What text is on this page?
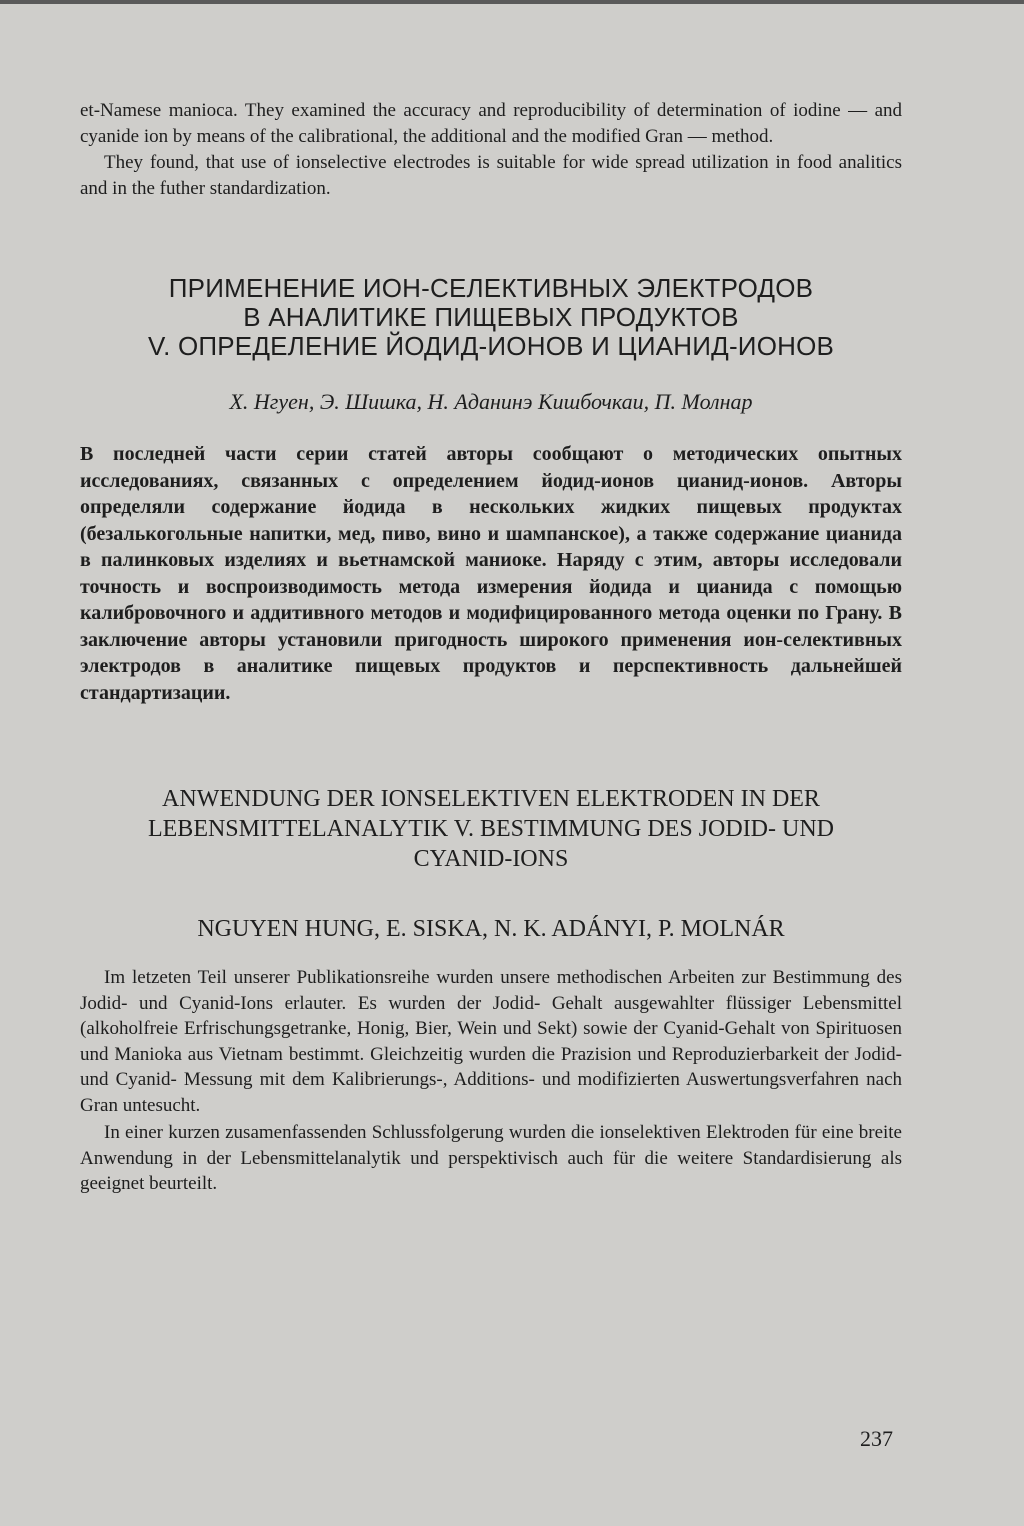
et-Namese manioca. They examined the accuracy and reproducibility of determination of iodine — and cyanide ion by means of the calibrational, the additional and the modified Gran — method.

They found, that use of ionselective electrodes is suitable for wide spread utilization in food analitics and in the futher standardization.

ПРИМЕНЕНИЕ ИОН-СЕЛЕКТИВНЫХ ЭЛЕКТРОДОВ
В АНАЛИТИКЕ ПИЩЕВЫХ ПРОДУКТОВ
V. ОПРЕДЕЛЕНИЕ ЙОДИД-ИОНОВ И ЦИАНИД-ИОНОВ

X. Нгуен, Э. Шишка, Н. Аданинэ Кишбочкаи, П. Молнар

В последней части серии статей авторы сообщают о методических опытных исследованиях, связанных с определением йодид-ионов цианид-ионов. Авторы определяли содержание йодида в нескольких жидких пищевых продуктах (безалькогольные напитки, мед, пиво, вино и шампанское), а также содержание цианида в палинковых изделиях и вьетнамской маниоке. Наряду с этим, авторы исследовали точность и воспроизводимость метода измерения йодида и цианида с помощью калибровочного и аддитивного методов и модифицированного метода оценки по Грану. В заключение авторы установили пригодность широкого применения ион-селективных электродов в аналитике пищевых продуктов и перспективность дальнейшей стандартизации.

ANWENDUNG DER IONSELEKTIVEN ELEKTRODEN IN DER
LEBENSMITTELANALYTIK V. BESTIMMUNG DES JODID- UND
CYANID-IONS

NGUYEN HUNG, E. SISKA, N. K. ADÁNYI, P. MOLNÁR

Im letzeten Teil unserer Publikationsreihe wurden unsere methodischen Arbeiten zur Bestimmung des Jodid- und Cyanid-Ions erlauter. Es wurden der Jodid- Gehalt ausgewahlter flüssiger Lebensmittel (alkoholfreie Erfrischungsgetranke, Honig, Bier, Wein und Sekt) sowie der Cyanid-Gehalt von Spirituosen und Manioka aus Vietnam bestimmt. Gleichzeitig wurden die Prazision und Reproduzierbarkeit der Jodid- und Cyanid- Messung mit dem Kalibrierungs-, Additions- und modifizierten Auswertungsverfahren nach Gran untesucht.

In einer kurzen zusamenfassenden Schlussfolgerung wurden die ionselektiven Elektroden für eine breite Anwendung in der Lebensmittelanalytik und perspektivisch auch für die weitere Standardisierung als geeignet beurteilt.

237
